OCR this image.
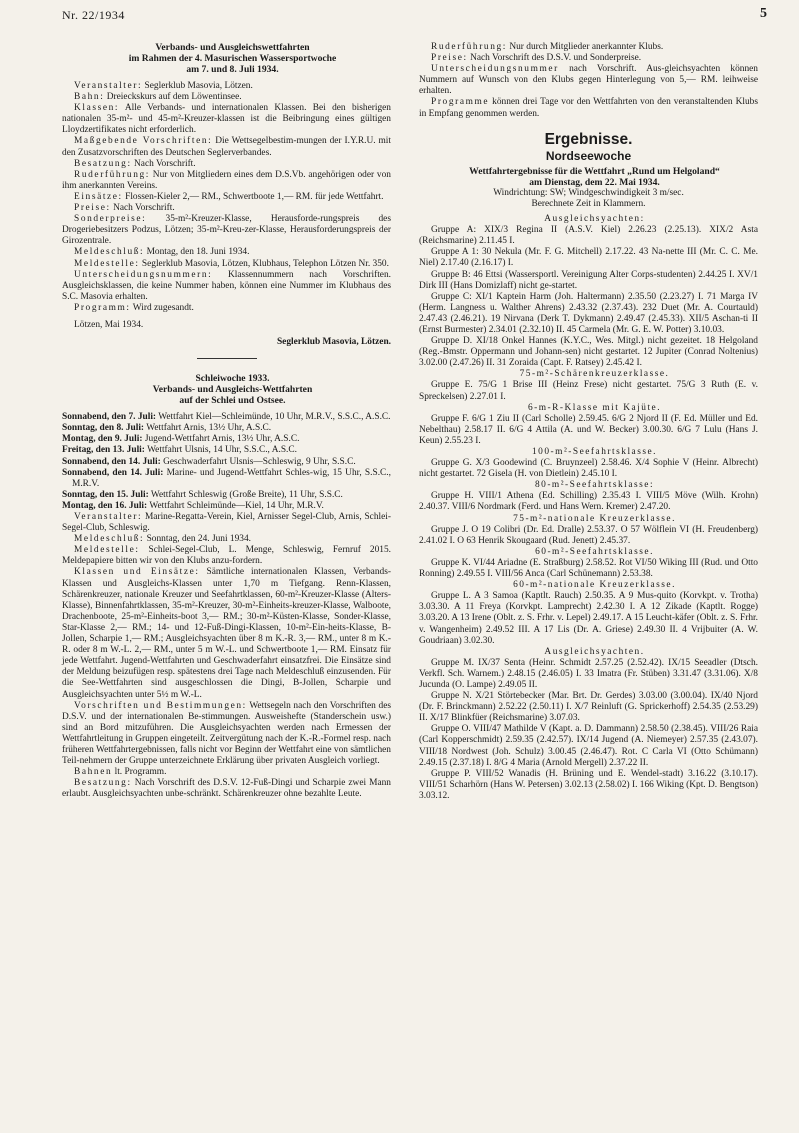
Nr. 22/1934	5

Verbands- und Ausgleichswettfahrten

im Rahmen der 4. Masurischen Wassersportwoche

am 7. und 8. Juli 1934.

Veranstalter: Seglerklub Masovia, Lötzen.

Bahn: Dreieckskurs auf dem Löwentinsee.

Klassen: Alle Verbands- und internationalen Klassen. Bei den bisherigen nationalen 35-m²- und 45-m²-Kreuzer-klassen ist die Beibringung eines gültigen Lloydzertifikates nicht erforderlich.

Maßgebende Vorschriften: Die Wettsegelbestim-mungen der I.Y.R.U. mit den Zusatzvorschriften des Deutschen Seglerverbandes.

Besatzung: Nach Vorschrift.

Ruderführung: Nur von Mitgliedern eines dem D.S.Vb. angehörigen oder von ihm anerkannten Vereins.

Einsätze: Flossen-Kieler 2,— RM., Schwertboote 1,— RM. für jede Wettfahrt.

Preise: Nach Vorschrift.

Sonderpreise: 35-m²-Kreuzer-Klasse, Herausforde-rungspreis des Drogeriebesitzers Podzus, Lötzen; 35-m²-Kreu-zer-Klasse, Herausforderungspreis der Girozentrale.

Meldeschluß: Montag, den 18. Juni 1934.

Meldestelle: Seglerklub Masovia, Lötzen, Klubhaus, Telephon Lötzen Nr. 350.

Unterscheidungsnummern: Klassennummern nach Vorschriften. Ausgleichsklassen, die keine Nummer haben, können eine Nummer im Klubhaus des S.C. Masovia erhalten.

Programm: Wird zugesandt.

Lötzen, Mai 1934.

Seglerklub Masovia, Lötzen.

Schleiwoche 1933.

Verbands- und Ausgleichs-Wettfahrten

auf der Schlei und Ostsee.

Sonnabend, den 7. Juli: Wettfahrt Kiel—Schleimünde, 10 Uhr, M.R.V., S.S.C., A.S.C.

Sonntag, den 8. Juli: Wettfahrt Arnis, 13½ Uhr, A.S.C.

Montag, den 9. Juli: Jugend-Wettfahrt Arnis, 13½ Uhr, A.S.C.

Freitag, den 13. Juli: Wettfahrt Ulsnis, 14 Uhr, S.S.C., A.S.C.

Sonnabend, den 14. Juli: Geschwaderfahrt Ulsnis—Schleswig, 9 Uhr, S.S.C.

Sonnabend, den 14. Juli: Marine- und Jugend-Wettfahrt Schles-wig, 15 Uhr, S.S.C., M.R.V.

Sonntag, den 15. Juli: Wettfahrt Schleswig (Große Breite), 11 Uhr, S.S.C.

Montag, den 16. Juli: Wettfahrt Schleimünde—Kiel, 14 Uhr, M.R.V.

Veranstalter: Marine-Regatta-Verein, Kiel, Arnisser Segel-Club, Arnis, Schlei-Segel-Club, Schleswig.

Meldeschluß: Sonntag, den 24. Juni 1934.

Meldestelle: Schlei-Segel-Club, L. Menge, Schleswig, Fernruf 2015. Meldepapiere bitten wir von den Klubs anzu-fordern.

Klassen und Einsätze: Sämtliche internationalen Klassen, Verbands-Klassen und Ausgleichs-Klassen unter 1,70 m Tiefgang. Renn-Klassen, Schärenkreuzer, nationale Kreuzer und Seefahrtklassen, 60-m²-Kreuzer-Klasse (Alters-Klasse), Binnenfahrtklassen, 35-m²-Kreuzer, 30-m²-Einheits-kreuzer-Klasse, Walboote, Drachenboote, 25-m²-Einheits-boot 3,— RM.; 30-m²-Küsten-Klasse, Sonder-Klasse, Star-Klasse 2,— RM.; 14- und 12-Fuß-Dingi-Klassen, 10-m²-Ein-heits-Klasse, B-Jollen, Scharpie 1,— RM.; Ausgleichsyachten über 8 m K.-R. 3,— RM., unter 8 m K.-R. oder 8 m W.-L. 2,— RM., unter 5 m W.-L. und Schwertboote 1,— RM. Einsatz für jede Wettfahrt. Jugend-Wettfahrten und Geschwaderfahrt einsatzfrei. Die Einsätze sind der Meldung beizufügen resp. spätestens drei Tage nach Meldeschluß einzusenden. Für die See-Wettfahrten sind ausgeschlossen die Dingi, B-Jollen, Scharpie und Ausgleichsyachten unter 5½ m W.-L.

Vorschriften und Bestimmungen: Wettsegeln nach den Vorschriften des D.S.V. und der internationalen Be-stimmungen. Ausweishefte (Standerschein usw.) sind an Bord mitzuführen. Die Ausgleichsyachten werden nach Ermessen der Wettfahrtleitung in Gruppen eingeteilt. Zeitvergütung nach der K.-R.-Formel resp. nach früheren Wettfahrtergebnissen, falls nicht vor Beginn der Wettfahrt eine von sämtlichen Teil-nehmern der Gruppe unterzeichnete Erklärung über privaten Ausgleich vorliegt.

Bahnen lt. Programm.

Besatzung: Nach Vorschrift des D.S.V. 12-Fuß-Dingi und Scharpie zwei Mann erlaubt. Ausgleichsyachten unbe-schränkt. Schärenkreuzer ohne bezahlte Leute.

Ruderführung: Nur durch Mitglieder anerkannter Klubs.

Preise: Nach Vorschrift des D.S.V. und Sonderpreise.

Unterscheidungsnummer nach Vorschrift. Aus-gleichsyachten können Nummern auf Wunsch von den Klubs gegen Hinterlegung von 5,— RM. leihweise erhalten.

Programme können drei Tage vor den Wettfahrten von den veranstaltenden Klubs in Empfang genommen werden.

Ergebnisse.
Nordseewoche

Wettfahrtergebnisse für die Wettfahrt „Rund um Helgoland“

am Dienstag, dem 22. Mai 1934.

Windrichtung: SW; Windgeschwindigkeit 3 m/sec.

Berechnete Zeit in Klammern.

Ausgleichsyachten:

Gruppe A: XIX/3 Regina II (A.S.V. Kiel) 2.26.23 (2.25.13). XIX/2 Asta (Reichsmarine) 2.11.45 I.

Gruppe A 1: 30 Nekula (Mr. F. G. Mitchell) 2.17.22. 43 Na-nette III (Mr. C. C. Me. Niel) 2.17.40 (2.16.17) I.

Gruppe B: 46 Ettsi (Wassersportl. Vereinigung Alter Corps-studenten) 2.44.25 I. XV/1 Dirk III (Hans Domizlaff) nicht ge-startet.

Gruppe C: XI/1 Kaptein Harm (Joh. Haltermann) 2.35.50 (2.23.27) I. 71 Marga IV (Herm. Langness u. Walther Ahrens) 2.43.32 (2.37.43). 232 Duet (Mr. A. Courtauld) 2.47.43 (2.46.21). 19 Nirvana (Derk T. Dykmann) 2.49.47 (2.45.33). XII/5 Aschan-ti II (Ernst Burmester) 2.34.01 (2.32.10) II. 45 Carmela (Mr. G. E. W. Potter) 3.10.03.

Gruppe D. XI/18 Onkel Hannes (K.Y.C., Wes. Mitgl.) nicht gezeitet. 18 Helgoland (Reg.-Bmstr. Oppermann und Johann-sen) nicht gestartet. 12 Jupiter (Conrad Noltenius) 3.02.00 (2.47.26) II. 31 Zoraida (Capt. F. Ratsey) 2.45.42 I.

75-m²-Schärenkreuzerklasse.

Gruppe E. 75/G 1 Brise III (Heinz Frese) nicht gestartet. 75/G 3 Ruth (E. v. Spreckelsen) 2.27.01 I.

6-m-R-Klasse mit Kajüte.

Gruppe F. 6/G 1 Ziu II (Carl Scholle) 2.59.45. 6/G 2 Njord II (F. Ed. Müller und Ed. Nebelthau) 2.58.17 II. 6/G 4 Attila (A. und W. Becker) 3.00.30. 6/G 7 Lulu (Hans J. Keun) 2.55.23 I.

100-m²-Seefahrtsklasse.

Gruppe G. X/3 Goodewind (C. Bruynzeel) 2.58.46. X/4 Sophie V (Heinr. Albrecht) nicht gestartet. 72 Gisela (H. von Dietlein) 2.45.10 I.

80-m²-Seefahrtsklasse:

Gruppe H. VIII/1 Athena (Ed. Schilling) 2.35.43 I. VIII/5 Möve (Wilh. Krohn) 2.40.37. VIII/6 Nordmark (Ferd. und Hans Wern. Kremer) 2.47.20.

75-m²-nationale Kreuzerklasse.

Gruppe J. O 19 Colibri (Dr. Ed. Dralle) 2.53.37. O 57 Wölflein VI (H. Freudenberg) 2.41.02 I. O 63 Henrik Skougaard (Rud. Jenett) 2.45.37.

60-m²-Seefahrtsklasse.

Gruppe K. VI/44 Ariadne (E. Straßburg) 2.58.52. Rot VI/50 Wiking III (Rud. und Otto Ronning) 2.49.55 I. VIII/56 Anca (Carl Schünemann) 2.53.38.

60-m²-nationale Kreuzerklasse.

Gruppe L. A 3 Samoa (Kaptlt. Rauch) 2.50.35. A 9 Mus-quito (Korvkpt. v. Trotha) 3.03.30. A 11 Freya (Korvkpt. Lamprecht) 2.42.30 I. A 12 Zikade (Kaptlt. Rogge) 3.03.20. A 13 Irene (Oblt. z. S. Frhr. v. Lepel) 2.49.17. A 15 Leucht-käfer (Oblt. z. S. Frhr. v. Wangenheim) 2.49.52 III. A 17 Lis (Dr. A. Griese) 2.49.30 II. 4 Vrijbuiter (A. W. Goudriaan) 3.02.30.

Ausgleichsyachten.

Gruppe M. IX/37 Senta (Heinr. Schmidt 2.57.25 (2.52.42). IX/15 Seeadler (Dtsch. Verkfl. Sch. Warnem.) 2.48.15 (2.46.05) I. 33 Imatra (Fr. Stüben) 3.31.47 (3.31.06). X/8 Jucunda (O. Lampe) 2.49.05 II.

Gruppe N. X/21 Störtebecker (Mar. Brt. Dr. Gerdes) 3.03.00 (3.00.04). IX/40 Njord (Dr. F. Brinckmann) 2.52.22 (2.50.11) I. X/7 Reinluft (G. Sprickerhoff) 2.54.35 (2.53.29) II. X/17 Blinkfüer (Reichsmarine) 3.07.03.

Gruppe O. VIII/47 Mathilde V (Kapt. a. D. Dammann) 2.58.50 (2.38.45). VIII/26 Raia (Carl Kopperschmidt) 2.59.35 (2.42.57). IX/14 Jugend (A. Niemeyer) 2.57.35 (2.43.07). VIII/18 Nordwest (Joh. Schulz) 3.00.45 (2.46.47). Rot. C Carla VI (Otto Schümann) 2.49.15 (2.37.18) I. 8/G 4 Maria (Arnold Mergell) 2.37.22 II.

Gruppe P. VIII/52 Wanadis (H. Brüning und E. Wendel-stadt) 3.16.22 (3.10.17). VIII/51 Scharhörn (Hans W. Petersen) 3.02.13 (2.58.02) I. 166 Wiking (Kpt. D. Bengtson) 3.03.12.
